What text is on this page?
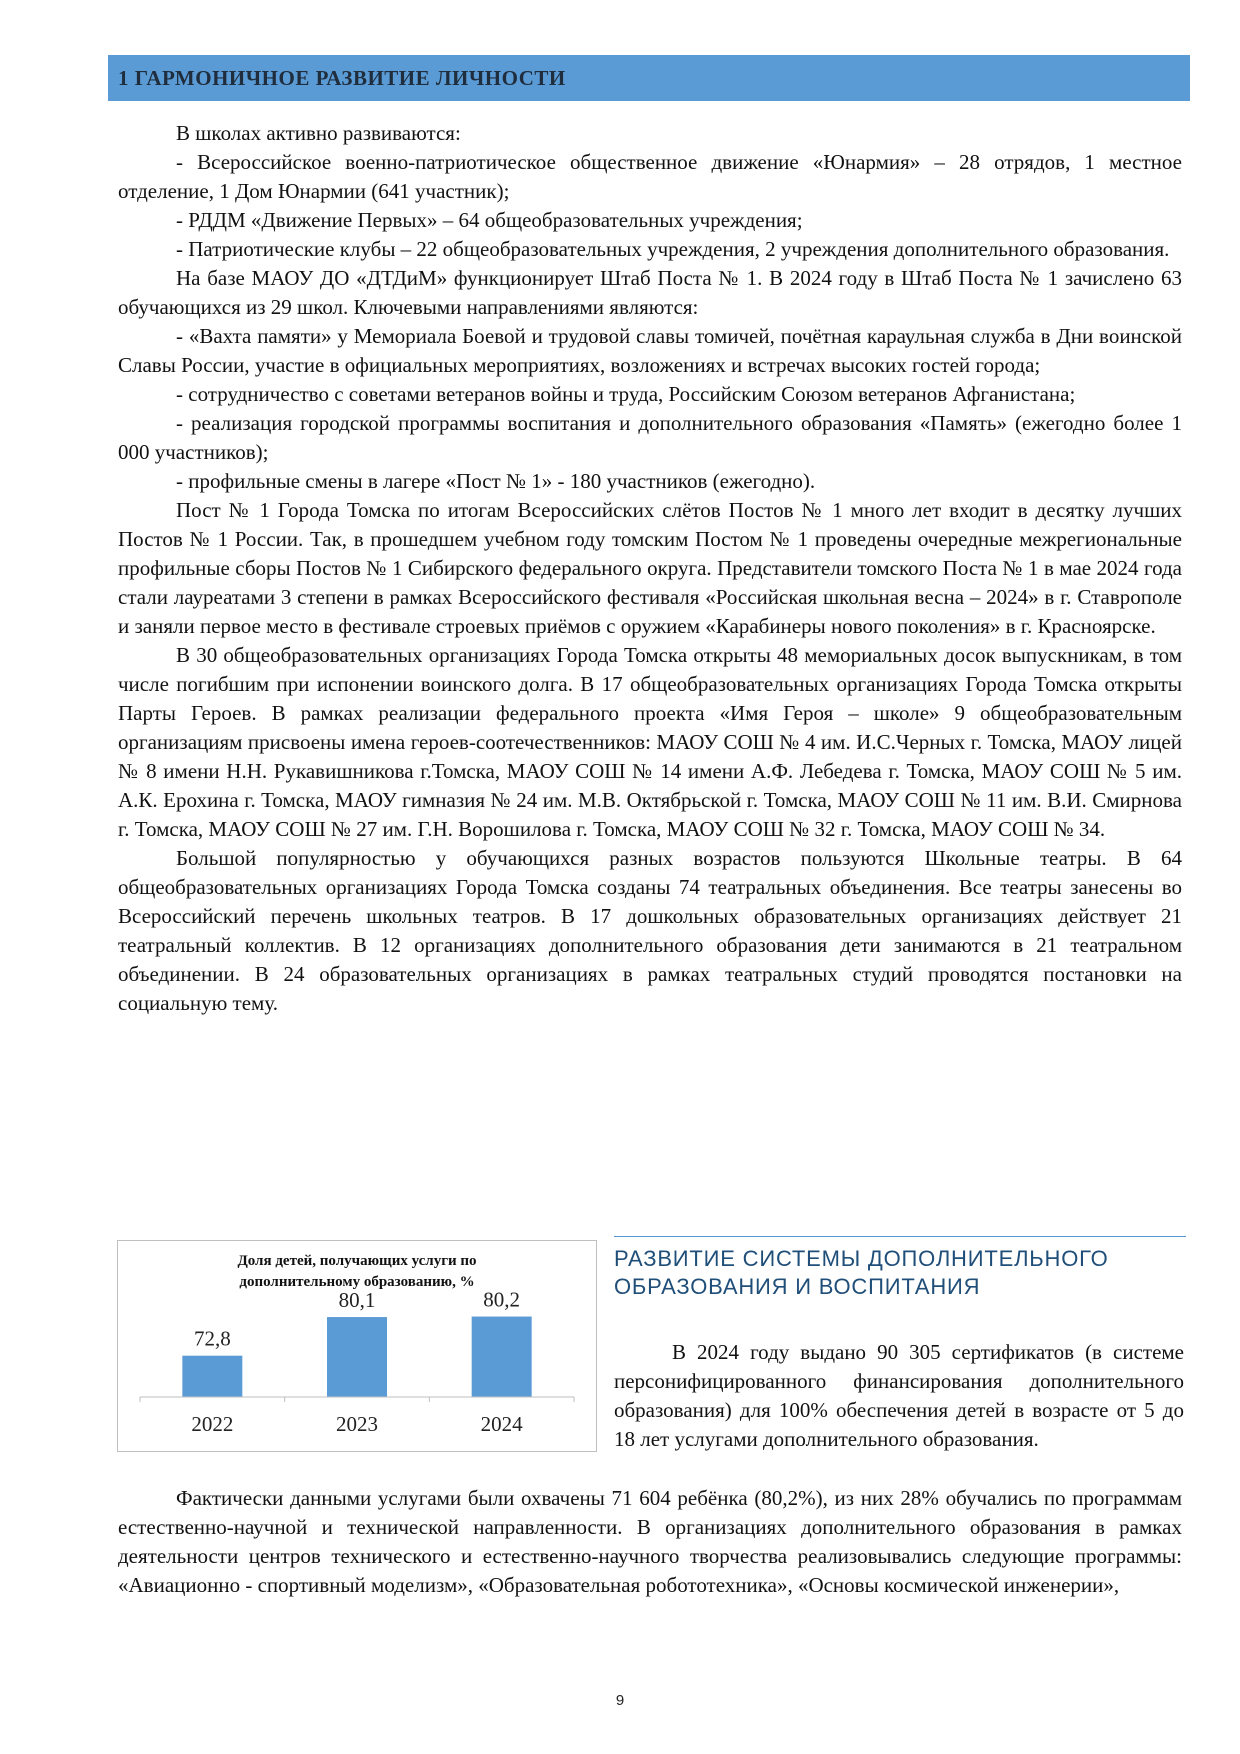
1 ГАРМОНИЧНОЕ РАЗВИТИЕ ЛИЧНОСТИ

В школах активно развиваются:

- Всероссийское военно-патриотическое общественное движение «Юнармия» – 28 отрядов, 1 местное отделение, 1 Дом Юнармии (641 участник);

- РДДМ «Движение Первых» – 64 общеобразовательных учреждения;

- Патриотические клубы – 22 общеобразовательных учреждения, 2 учреждения дополнительного образования.

На базе МАОУ ДО «ДТДиМ» функционирует Штаб Поста № 1. В 2024 году в Штаб Поста № 1 зачислено 63 обучающихся из 29 школ. Ключевыми направлениями являются:

- «Вахта памяти» у Мемориала Боевой и трудовой славы томичей, почётная караульная служба в Дни воинской Славы России, участие в официальных мероприятиях, возложениях и встречах высоких гостей города;

- сотрудничество с советами ветеранов войны и труда, Российским Союзом ветеранов Афганистана;

- реализация городской программы воспитания и дополнительного образования «Память» (ежегодно более 1 000 участников);

- профильные смены в лагере «Пост № 1» - 180 участников (ежегодно).

Пост № 1 Города Томска по итогам Всероссийских слётов Постов № 1 много лет входит в десятку лучших Постов № 1 России. Так, в прошедшем учебном году томским Постом № 1 проведены очередные межрегиональные профильные сборы Постов № 1 Сибирского федерального округа. Представители томского Поста № 1 в мае 2024 года стали лауреатами 3 степени в рамках Всероссийского фестиваля «Российская школьная весна – 2024» в г. Ставрополе и заняли первое место в фестивале строевых приёмов с оружием «Карабинеры нового поколения» в г. Красноярске.

В 30 общеобразовательных организациях Города Томска открыты 48 мемориальных досок выпускникам, в том числе погибшим при испонении воинского долга. В 17 общеобразовательных организациях Города Томска открыты Парты Героев. В рамках реализации федерального проекта «Имя Героя – школе» 9 общеобразовательным организациям присвоены имена героев-соотечественников: МАОУ СОШ № 4 им. И.С.Черных г. Томска, МАОУ лицей № 8 имени Н.Н. Рукавишникова г.Томска, МАОУ СОШ № 14 имени А.Ф. Лебедева г. Томска, МАОУ СОШ № 5 им. А.К. Ерохина г. Томска, МАОУ гимназия № 24 им. М.В. Октябрьской г. Томска, МАОУ СОШ № 11 им. В.И. Смирнова г. Томска, МАОУ СОШ № 27 им. Г.Н. Ворошилова г. Томска, МАОУ СОШ № 32 г. Томска, МАОУ СОШ № 34.

Большой популярностью у обучающихся разных возрастов пользуются Школьные театры. В 64 общеобразовательных организациях Города Томска созданы 74 театральных объединения. Все театры занесены во Всероссийский перечень школьных театров. В 17 дошкольных образовательных организациях действует 21 театральный коллектив. В 12 организациях дополнительного образования дети занимаются в 21 театральном объединении. В 24 образовательных организациях в рамках театральных студий проводятся постановки на социальную тему.

Доля детей, получающих услуги по
дополнительному образованию, %
72,8
2022
80,1
2023
80,2
2024
РАЗВИТИЕ СИСТЕМЫ ДОПОЛНИТЕЛЬНОГО ОБРАЗОВАНИЯ И ВОСПИТАНИЯ

В 2024 году выдано 90 305 сертификатов (в системе персонифицированного финансирования дополнительного образования) для 100% обеспечения детей в возрасте от 5 до 18 лет услугами дополнительного образования.

Фактически данными услугами были охвачены 71 604 ребёнка (80,2%), из них 28% обучались по программам естественно-научной и технической направленности. В организациях дополнительного образования в рамках деятельности центров технического и естественно-научного творчества реализовывались следующие программы: «Авиационно - спортивный моделизм», «Образовательная робототехника», «Основы космической инженерии»,

9
